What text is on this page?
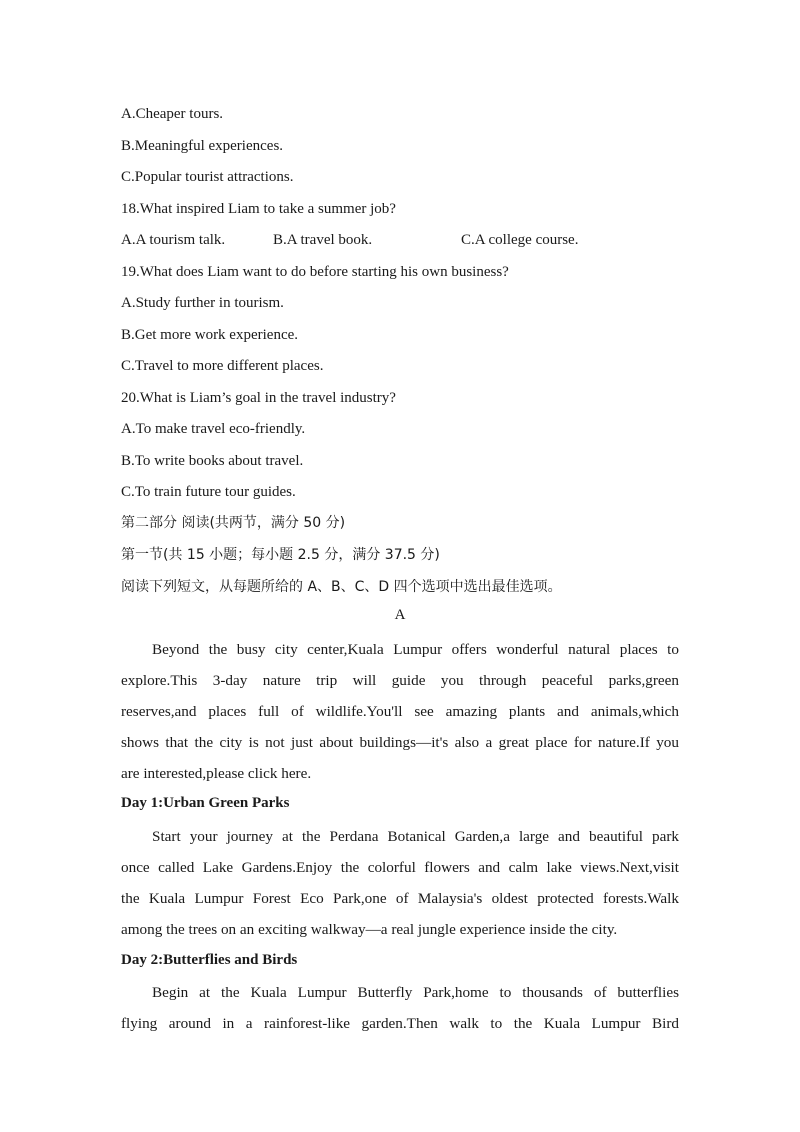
A.Cheaper tours.
B.Meaningful experiences.
C.Popular tourist attractions.
18.What inspired Liam to take a summer job?
A.A tourism talk.	B.A travel book.	C.A college course.
19.What does Liam want to do before starting his own business?
A.Study further in tourism.
B.Get more work experience.
C.Travel to more different places.
20.What is Liam’s goal in the travel industry?
A.To make travel eco-friendly.
B.To write books about travel.
C.To train future tour guides.
第二部分 阅读(共两节，满分 50 分)
第一节(共 15 小题；每小题 2.5 分，满分 37.5 分)
阅读下列短文，从每题所给的 A、B、C、D 四个选项中选出最佳选项。
A
Beyond the busy city center,Kuala Lumpur offers wonderful natural places to
explore.This 3-day nature trip will guide you through peaceful parks,green
reserves,and places full of wildlife.You'll see amazing plants and animals,which
shows that the city is not just about buildings—it's also a great place for nature.If you
are interested,please click here.
Day 1:Urban Green Parks
Start your journey at the Perdana Botanical Garden,a large and beautiful park
once called Lake Gardens.Enjoy the colorful flowers and calm lake views.Next,visit
the Kuala Lumpur Forest Eco Park,one of Malaysia's oldest protected forests.Walk
among the trees on an exciting walkway—a real jungle experience inside the city.
Day 2:Butterflies and Birds
Begin at the Kuala Lumpur Butterfly Park,home to thousands of butterflies
flying around in a rainforest-like garden.Then walk to the Kuala Lumpur Bird
